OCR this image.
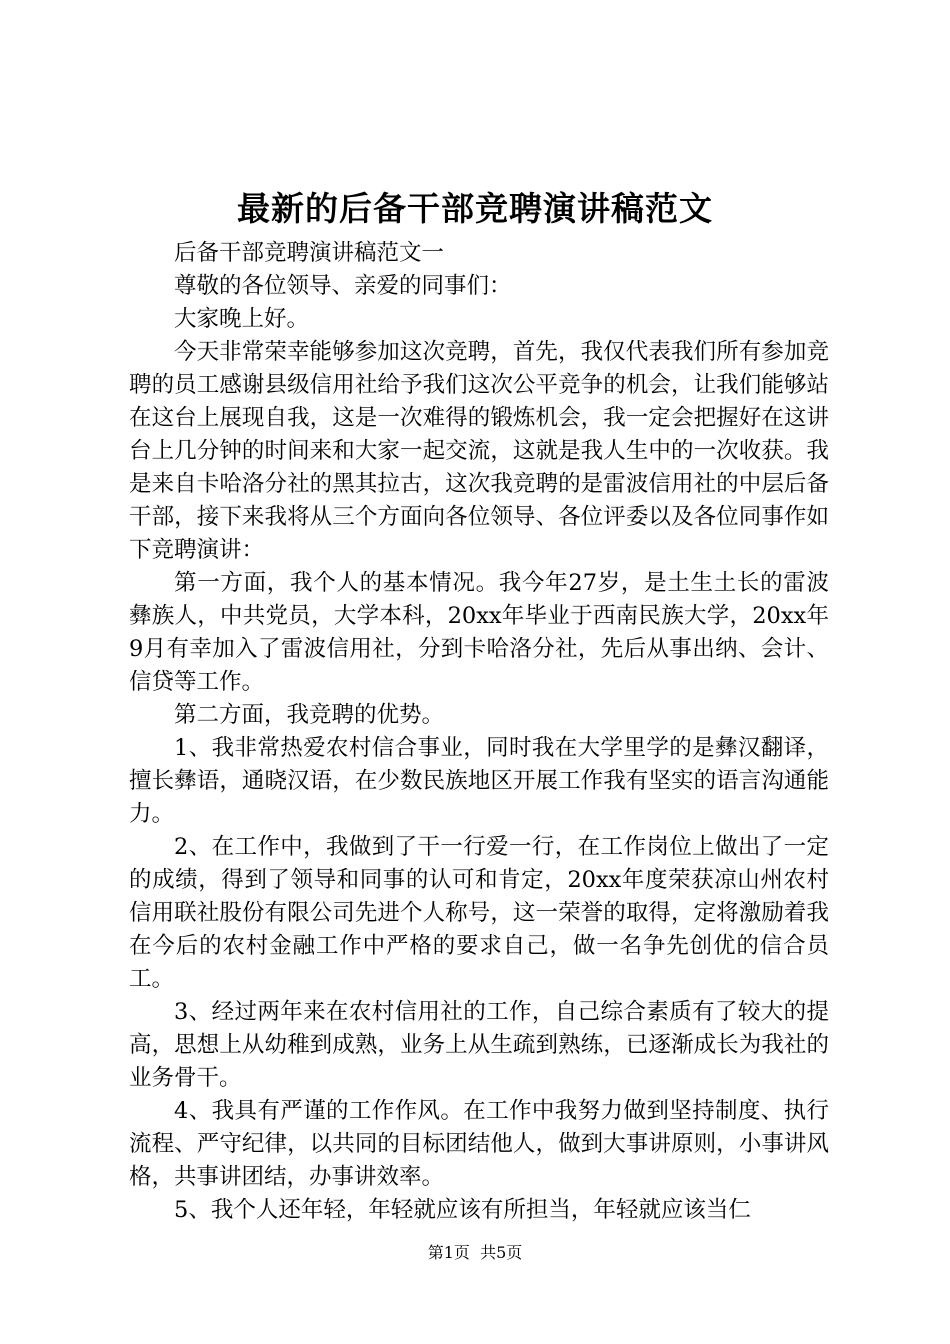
最新的后备干部竞聘演讲稿范文

后备干部竞聘演讲稿范文一

尊敬的各位领导、亲爱的同事们：

大家晚上好。

今天非常荣幸能够参加这次竞聘，首先，我仅代表我们所有参加竞聘的员工感谢县级信用社给予我们这次公平竞争的机会，让我们能够站在这台上展现自我，这是一次难得的锻炼机会，我一定会把握好在这讲台上几分钟的时间来和大家一起交流，这就是我人生中的一次收获。我是来自卡哈洛分社的黑其拉古，这次我竞聘的是雷波信用社的中层后备干部，接下来我将从三个方面向各位领导、各位评委以及各位同事作如下竞聘演讲：

第一方面，我个人的基本情况。我今年27岁，是土生土长的雷波彝族人，中共党员，大学本科，20xx年毕业于西南民族大学，20xx年9月有幸加入了雷波信用社，分到卡哈洛分社，先后从事出纳、会计、信贷等工作。

第二方面，我竞聘的优势。

1、我非常热爱农村信合事业，同时我在大学里学的是彝汉翻译，擅长彝语，通晓汉语，在少数民族地区开展工作我有坚实的语言沟通能力。

2、在工作中，我做到了干一行爱一行，在工作岗位上做出了一定的成绩，得到了领导和同事的认可和肯定，20xx年度荣获凉山州农村信用联社股份有限公司先进个人称号，这一荣誉的取得，定将激励着我在今后的农村金融工作中严格的要求自己，做一名争先创优的信合员工。

3、经过两年来在农村信用社的工作，自己综合素质有了较大的提高，思想上从幼稚到成熟，业务上从生疏到熟练，已逐渐成长为我社的业务骨干。

4、我具有严谨的工作作风。在工作中我努力做到坚持制度、执行流程、严守纪律，以共同的目标团结他人，做到大事讲原则，小事讲风格，共事讲团结，办事讲效率。

5、我个人还年轻，年轻就应该有所担当，年轻就应该当仁

第1页 共5页
